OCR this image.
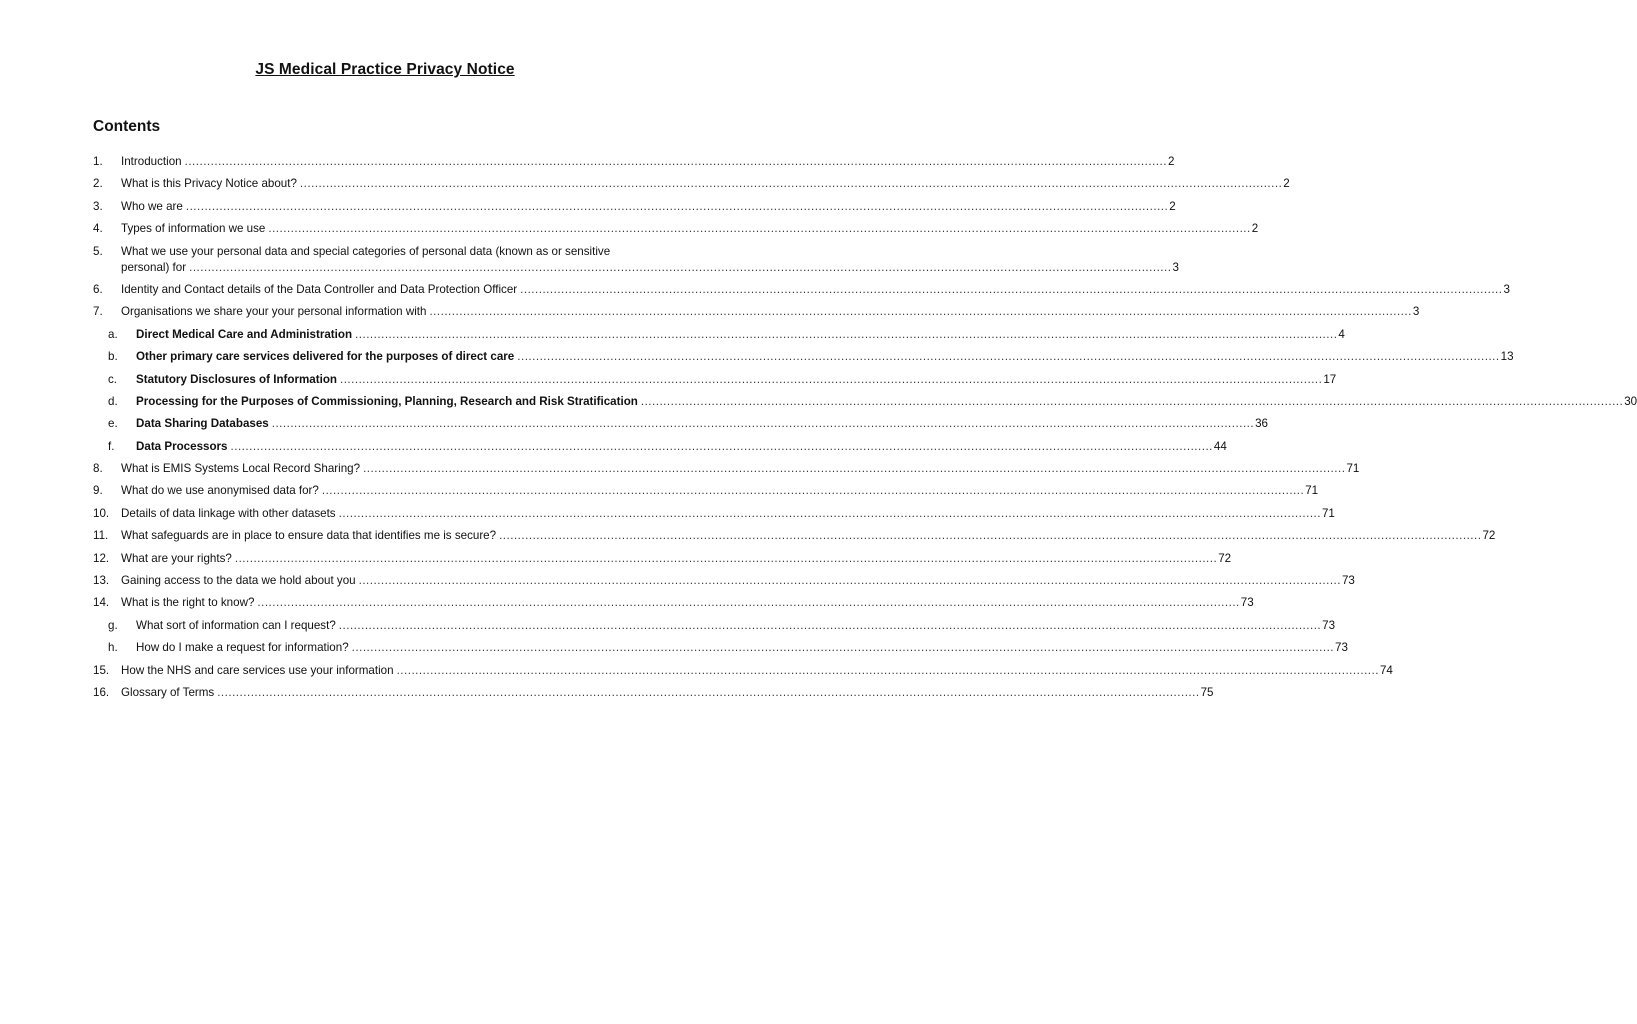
JS Medical Practice Privacy Notice
Contents
1. Introduction .....	2
2. What is this Privacy Notice about? .....	2
3. Who we are .....	2
4. Types of information we use .....	2
5. What we use your personal data and special categories of personal data (known as or sensitive
personal) for .....	3
6. Identity and Contact details of the Data Controller and Data Protection Officer .....	3
7. Organisations we share your your personal information with .....	3
a. Direct Medical Care and Administration .....	4
b. Other primary care services delivered for the purposes of direct care .....	13
c. Statutory Disclosures of Information .....	17
d. Processing for the Purposes of Commissioning, Planning, Research and Risk Stratification .....	30
e. Data Sharing Databases .....	36
f. Data Processors .....	44
8. What is EMIS Systems Local Record Sharing? .....	71
9. What do we use anonymised data for? .....	71
10. Details of data linkage with other datasets .....	71
11. What safeguards are in place to ensure data that identifies me is secure? .....	72
12. What are your rights? .....	72
13. Gaining access to the data we hold about you .....	73
14. What is the right to know? .....	73
g. What sort of information can I request? .....	73
h. How do I make a request for information? .....	73
15. How the NHS and care services use your information .....	74
16. Glossary of Terms .....	75
